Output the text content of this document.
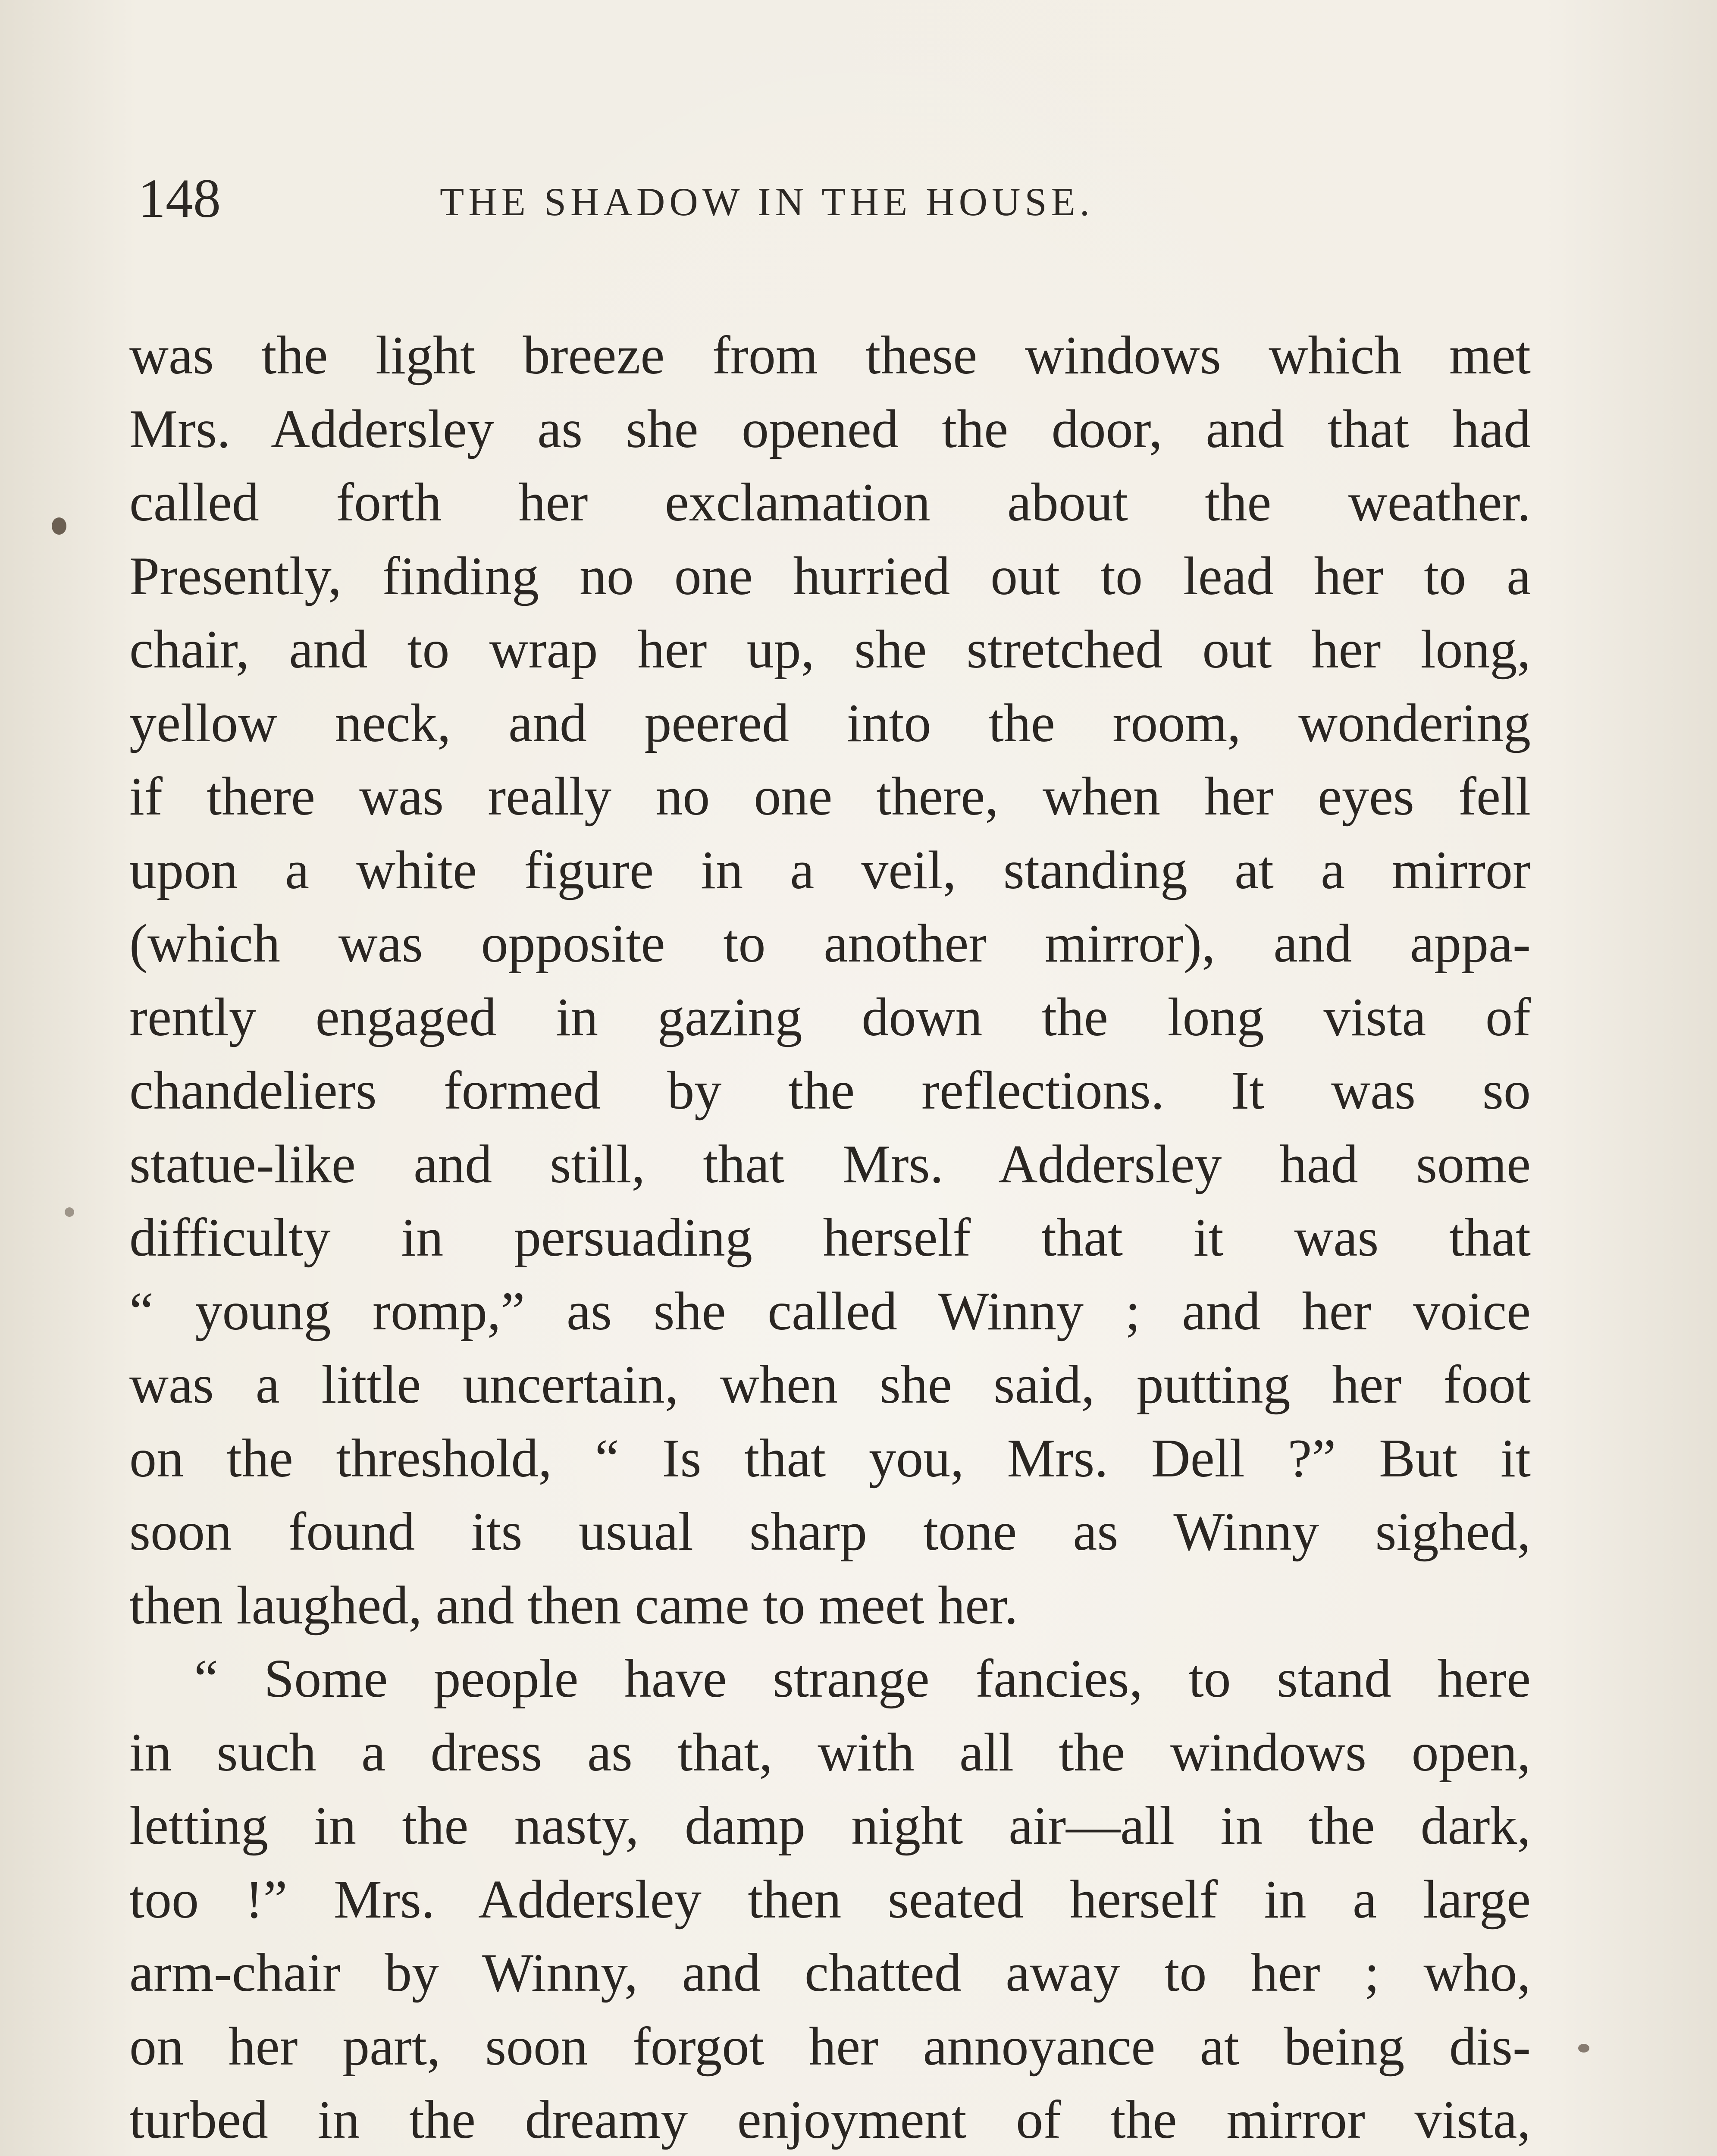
148	THE SHADOW IN THE HOUSE.
was the light breeze from these windows which met
Mrs. Addersley as she opened the door, and that had
called forth her exclamation about the weather.
Presently, finding no one hurried out to lead her to a
chair, and to wrap her up, she stretched out her long,
yellow neck, and peered into the room, wondering
if there was really no one there, when her eyes fell
upon a white figure in a veil, standing at a mirror
(which was opposite to another mirror), and appa-
rently engaged in gazing down the long vista of
chandeliers formed by the reflections. It was so
statue-like and still, that Mrs. Addersley had some
difficulty in persuading herself that it was that
“ young romp,” as she called Winny ; and her voice
was a little uncertain, when she said, putting her foot
on the threshold, “ Is that you, Mrs. Dell ?” But it
soon found its usual sharp tone as Winny sighed,
then laughed, and then came to meet her.
“ Some people have strange fancies, to stand here
in such a dress as that, with all the windows open,
letting in the nasty, damp night air—all in the dark,
too !” Mrs. Addersley then seated herself in a large
arm-chair by Winny, and chatted away to her ; who,
on her part, soon forgot her annoyance at being dis-
turbed in the dreamy enjoyment of the mirror vista,
